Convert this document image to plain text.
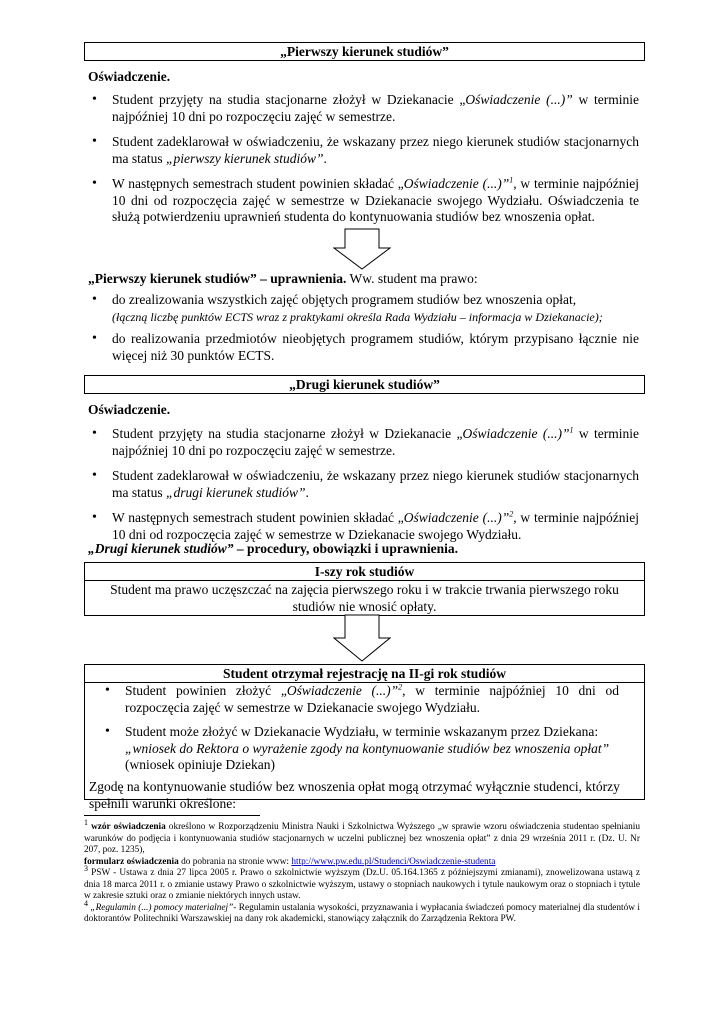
„Pierwszy kierunek studiów”
Oświadczenie.
• Student przyjęty na studia stacjonarne złożył w Dziekanacie „Oświadczenie (...)” w terminie najpóźniej 10 dni po rozpoczęciu zajęć w semestrze.
• Student zadeklarował w oświadczeniu, że wskazany przez niego kierunek studiów stacjonarnych ma status „pierwszy kierunek studiów”.
• W następnych semestrach student powinien składać „Oświadczenie (...)”$^1$, w terminie najpóźniej 10 dni od rozpoczęcia zajęć w semestrze w Dziekanacie swojego Wydziału. Oświadczenia te służą potwierdzeniu uprawnień studenta do kontynuowania studiów bez wnoszenia opłat.
„Pierwszy kierunek studiów” – uprawnienia. Ww. student ma prawo:
• do zrealizowania wszystkich zajęć objętych programem studiów bez wnoszenia opłat,
(łączną liczbę punktów ECTS wraz z praktykami określa Rada Wydziału – informacja w Dziekanacie);
• do realizowania przedmiotów nieobjętych programem studiów, którym przypisano łącznie nie więcej niż 30 punktów ECTS.
„Drugi kierunek studiów”
Oświadczenie.
• Student przyjęty na studia stacjonarne złożył w Dziekanacie „Oświadczenie (...)”$^1$ w terminie najpóźniej 10 dni po rozpoczęciu zajęć w semestrze.
• Student zadeklarował w oświadczeniu, że wskazany przez niego kierunek studiów stacjonarnych ma status „drugi kierunek studiów”.
• W następnych semestrach student powinien składać „Oświadczenie (...)”$^2$, w terminie najpóźniej 10 dni od rozpoczęcia zajęć w semestrze w Dziekanacie swojego Wydziału.
„Drugi kierunek studiów” – procedury, obowiązki i uprawnienia.
I-szy rok studiów
Student ma prawo uczęszczać na zajęcia pierwszego roku i w trakcie trwania pierwszego roku studiów nie wnosić opłaty.
Student otrzymał rejestrację na II-gi rok studiów
• Student powinien złożyć „Oświadczenie (...)”$^2$, w terminie najpóźniej 10 dni od rozpoczęcia zajęć w semestrze w Dziekanacie swojego Wydziału.
• Student może złożyć w Dziekanacie Wydziału, w terminie wskazanym przez Dziekana:
„wniosek do Rektora o wyrażenie zgody na kontynuowanie studiów bez wnoszenia opłat”
(wniosek opiniuje Dziekan)
Zgodę na kontynuowanie studiów bez wnoszenia opłat mogą otrzymać wyłącznie studenci, którzy spełnili warunki określone:

$^1$ wzór oświadczenia określono w Rozporządzeniu Ministra Nauki i Szkolnictwa Wyższego „w sprawie wzoru oświadczenia studentao spełnianiu warunków do podjęcia i kontynuowania studiów stacjonarnych w uczelni publicznej bez wnoszenia opłat” z dnia 29 września 2011 r. (Dz. U. Nr 207, poz. 1235),

formularz oświadczenia do pobrania na stronie www: http://www.pw.edu.pl/Studenci/Oswiadczenie-studenta

$^3$ PSW - Ustawa z dnia 27 lipca 2005 r. Prawo o szkolnictwie wyższym (Dz.U. 05.164.1365 z późniejszymi zmianami), znowelizowana ustawą z dnia 18 marca 2011 r. o zmianie ustawy Prawo o szkolnictwie wyższym, ustawy o stopniach naukowych i tytule naukowym oraz o stopniach i tytule w zakresie sztuki oraz o zmianie niektórych innych ustaw.

$^4$ „Regulamin (...) pomocy materialnej”- Regulamin ustalania wysokości, przyznawania i wypłacania świadczeń pomocy materialnej dla studentów i doktorantów Politechniki Warszawskiej na dany rok akademicki, stanowiący załącznik do Zarządzenia Rektora PW.
